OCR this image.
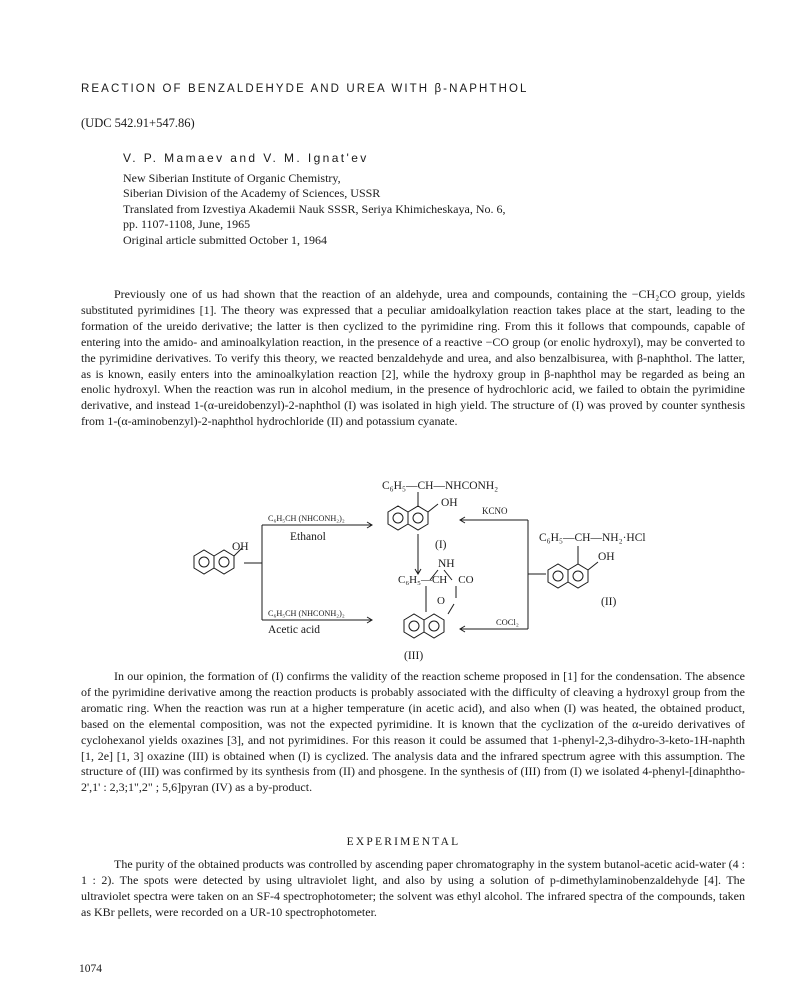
REACTION OF BENZALDEHYDE AND UREA WITH β-NAPHTHOL
(UDC 542.91+547.86)
V. P. Mamaev and V. M. Ignat'ev
New Siberian Institute of Organic Chemistry,
Siberian Division of the Academy of Sciences, USSR
Translated from Izvestiya Akademii Nauk SSSR, Seriya Khimicheskaya, No. 6,
pp. 1107-1108, June, 1965
Original article submitted October 1, 1964

Previously one of us had shown that the reaction of an aldehyde, urea and compounds, containing the −CH₂CO group, yields substituted pyrimidines [1]. The theory was expressed that a peculiar amidoalkylation reaction takes place at the start, leading to the formation of the ureido derivative; the latter is then cyclized to the pyrimidine ring. From this it follows that compounds, capable of entering into the amido- and aminoalkylation reaction, in the presence of a reactive −CO group (or enolic hydroxyl), may be converted to the pyrimidine derivatives. To verify this theory, we reacted benzaldehyde and urea, and also benzalbisurea, with β-naphthol. The latter, as is known, easily enters into the aminoalkylation reaction [2], while the hydroxy group in β-naphthol may be regarded as being an enolic hydroxyl. When the reaction was run in alcohol medium, in the presence of hydrochloric acid, we failed to obtain the pyrimidine derivative, and instead 1-(α-ureidobenzyl)-2-naphthol (I) was isolated in high yield. The structure of (I) was proved by counter synthesis from 1-(α-aminobenzyl)-2-naphthol hydrochloride (II) and potassium cyanate.

C₆H₅—CH—NHCONH₂
OH
(I)
NH
C₆H₅—CH    CO
O
(III)
OH
C₆H₅CH (NHCONH₂)₂
Ethanol
C₆H₅CH (NHCONH₂)₂
Acetic acid
KCNO
COCl₂
C₆H₅—CH—NH₂·HCl
OH
(II)

In our opinion, the formation of (I) confirms the validity of the reaction scheme proposed in [1] for the condensation. The absence of the pyrimidine derivative among the reaction products is probably associated with the difficulty of cleaving a hydroxyl group from the aromatic ring. When the reaction was run at a higher temperature (in acetic acid), and also when (I) was heated, the obtained product, based on the elemental composition, was not the expected pyrimidine. It is known that the cyclization of the α-ureido derivatives of cyclohexanol yields oxazines [3], and not pyrimidines. For this reason it could be assumed that 1-phenyl-2,3-dihydro-3-keto-1H-naphth [1, 2e] [1, 3] oxazine (III) is obtained when (I) is cyclized. The analysis data and the infrared spectrum agree with this assumption. The structure of (III) was confirmed by its synthesis from (II) and phosgene. In the synthesis of (III) from (I) we isolated 4-phenyl-[dinaphtho-2',1' : 2,3;1",2" ; 5,6]pyran (IV) as a by-product.

EXPERIMENTAL

The purity of the obtained products was controlled by ascending paper chromatography in the system butanol-acetic acid-water (4 : 1 : 2). The spots were detected by using ultraviolet light, and also by using a solution of p-dimethylaminobenzaldehyde [4]. The ultraviolet spectra were taken on an SF-4 spectrophotometer; the solvent was ethyl alcohol. The infrared spectra of the compounds, taken as KBr pellets, were recorded on a UR-10 spectrophotometer.

1074
